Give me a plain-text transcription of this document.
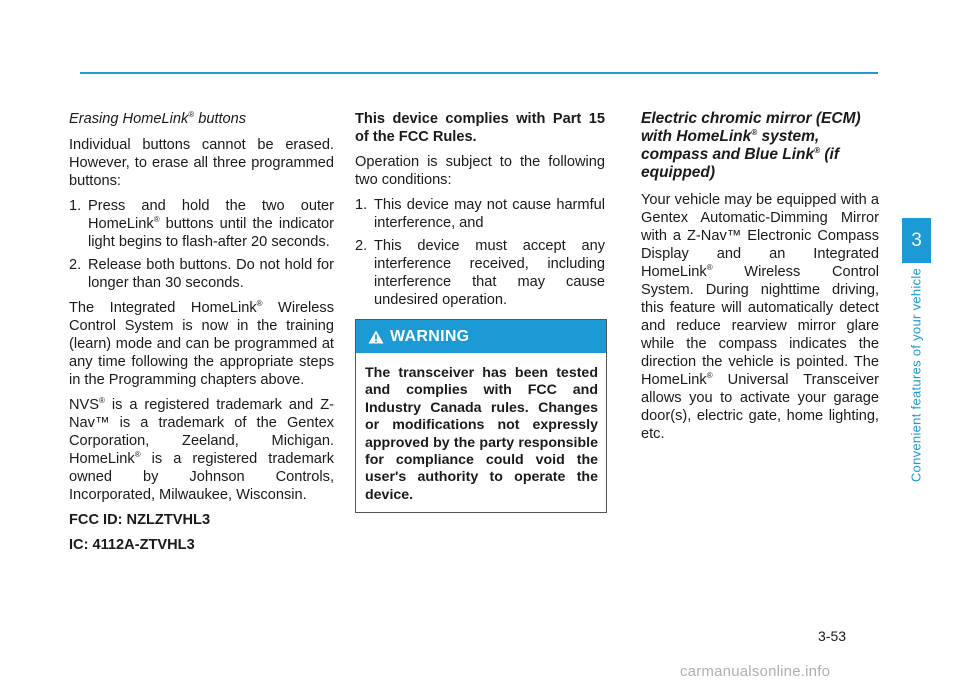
Erasing HomeLink® buttons

Individual buttons cannot be erased. However, to erase all three programmed buttons:

1. Press and hold the two outer HomeLink® buttons until the indicator light begins to flash-after 20 seconds.
2. Release both buttons. Do not hold for longer than 30 seconds.

The Integrated HomeLink® Wireless Control System is now in the training (learn) mode and can be programmed at any time following the appropriate steps in the Programming chapters above.

NVS® is a registered trademark and Z-Nav™ is a trademark of the Gentex Corporation, Zeeland, Michigan. HomeLink® is a registered trademark owned by Johnson Controls, Incorporated, Milwaukee, Wisconsin.

FCC ID: NZLZTVHL3

IC: 4112A-ZTVHL3

This device complies with Part 15 of the FCC Rules.

Operation is subject to the following two conditions:

1. This device may not cause harmful interference, and
2. This device must accept any interference received, including interference that may cause undesired operation.
WARNING
The transceiver has been tested and complies with FCC and Industry Canada rules. Changes or modifications not expressly approved by the party responsible for compliance could void the user's authority to operate the device.

Electric chromic mirror (ECM) with HomeLink® system, compass and Blue Link® (if equipped)

Your vehicle may be equipped with a Gentex Automatic-Dimming Mirror with a Z-Nav™ Electronic Compass Display and an Integrated HomeLink® Wireless Control System. During nighttime driving, this feature will automatically detect and reduce rearview mirror glare while the compass indicates the direction the vehicle is pointed. The HomeLink® Universal Transceiver allows you to activate your garage door(s), electric gate, home lighting, etc.

3
Convenient features of your vehicle
3-53
carmanualsonline.info
